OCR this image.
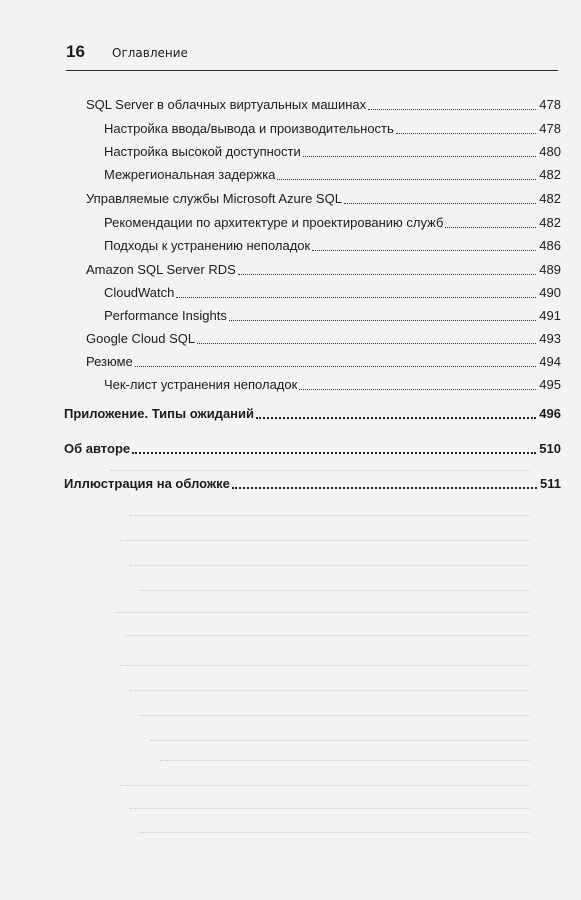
16 Оглавление
SQL Server в облачных виртуальных машинах	478
Настройка ввода/вывода и производительность	478
Настройка высокой доступности	480
Межрегиональная задержка	482
Управляемые службы Microsoft Azure SQL	482
Рекомендации по архитектуре и проектированию служб	482
Подходы к устранению неполадок	486
Amazon SQL Server RDS	489
CloudWatch	490
Performance Insights	491
Google Cloud SQL	493
Резюме	494
Чек-лист устранения неполадок	495
Приложение. Типы ожиданий	496
Об авторе	510
Иллюстрация на обложке	511
